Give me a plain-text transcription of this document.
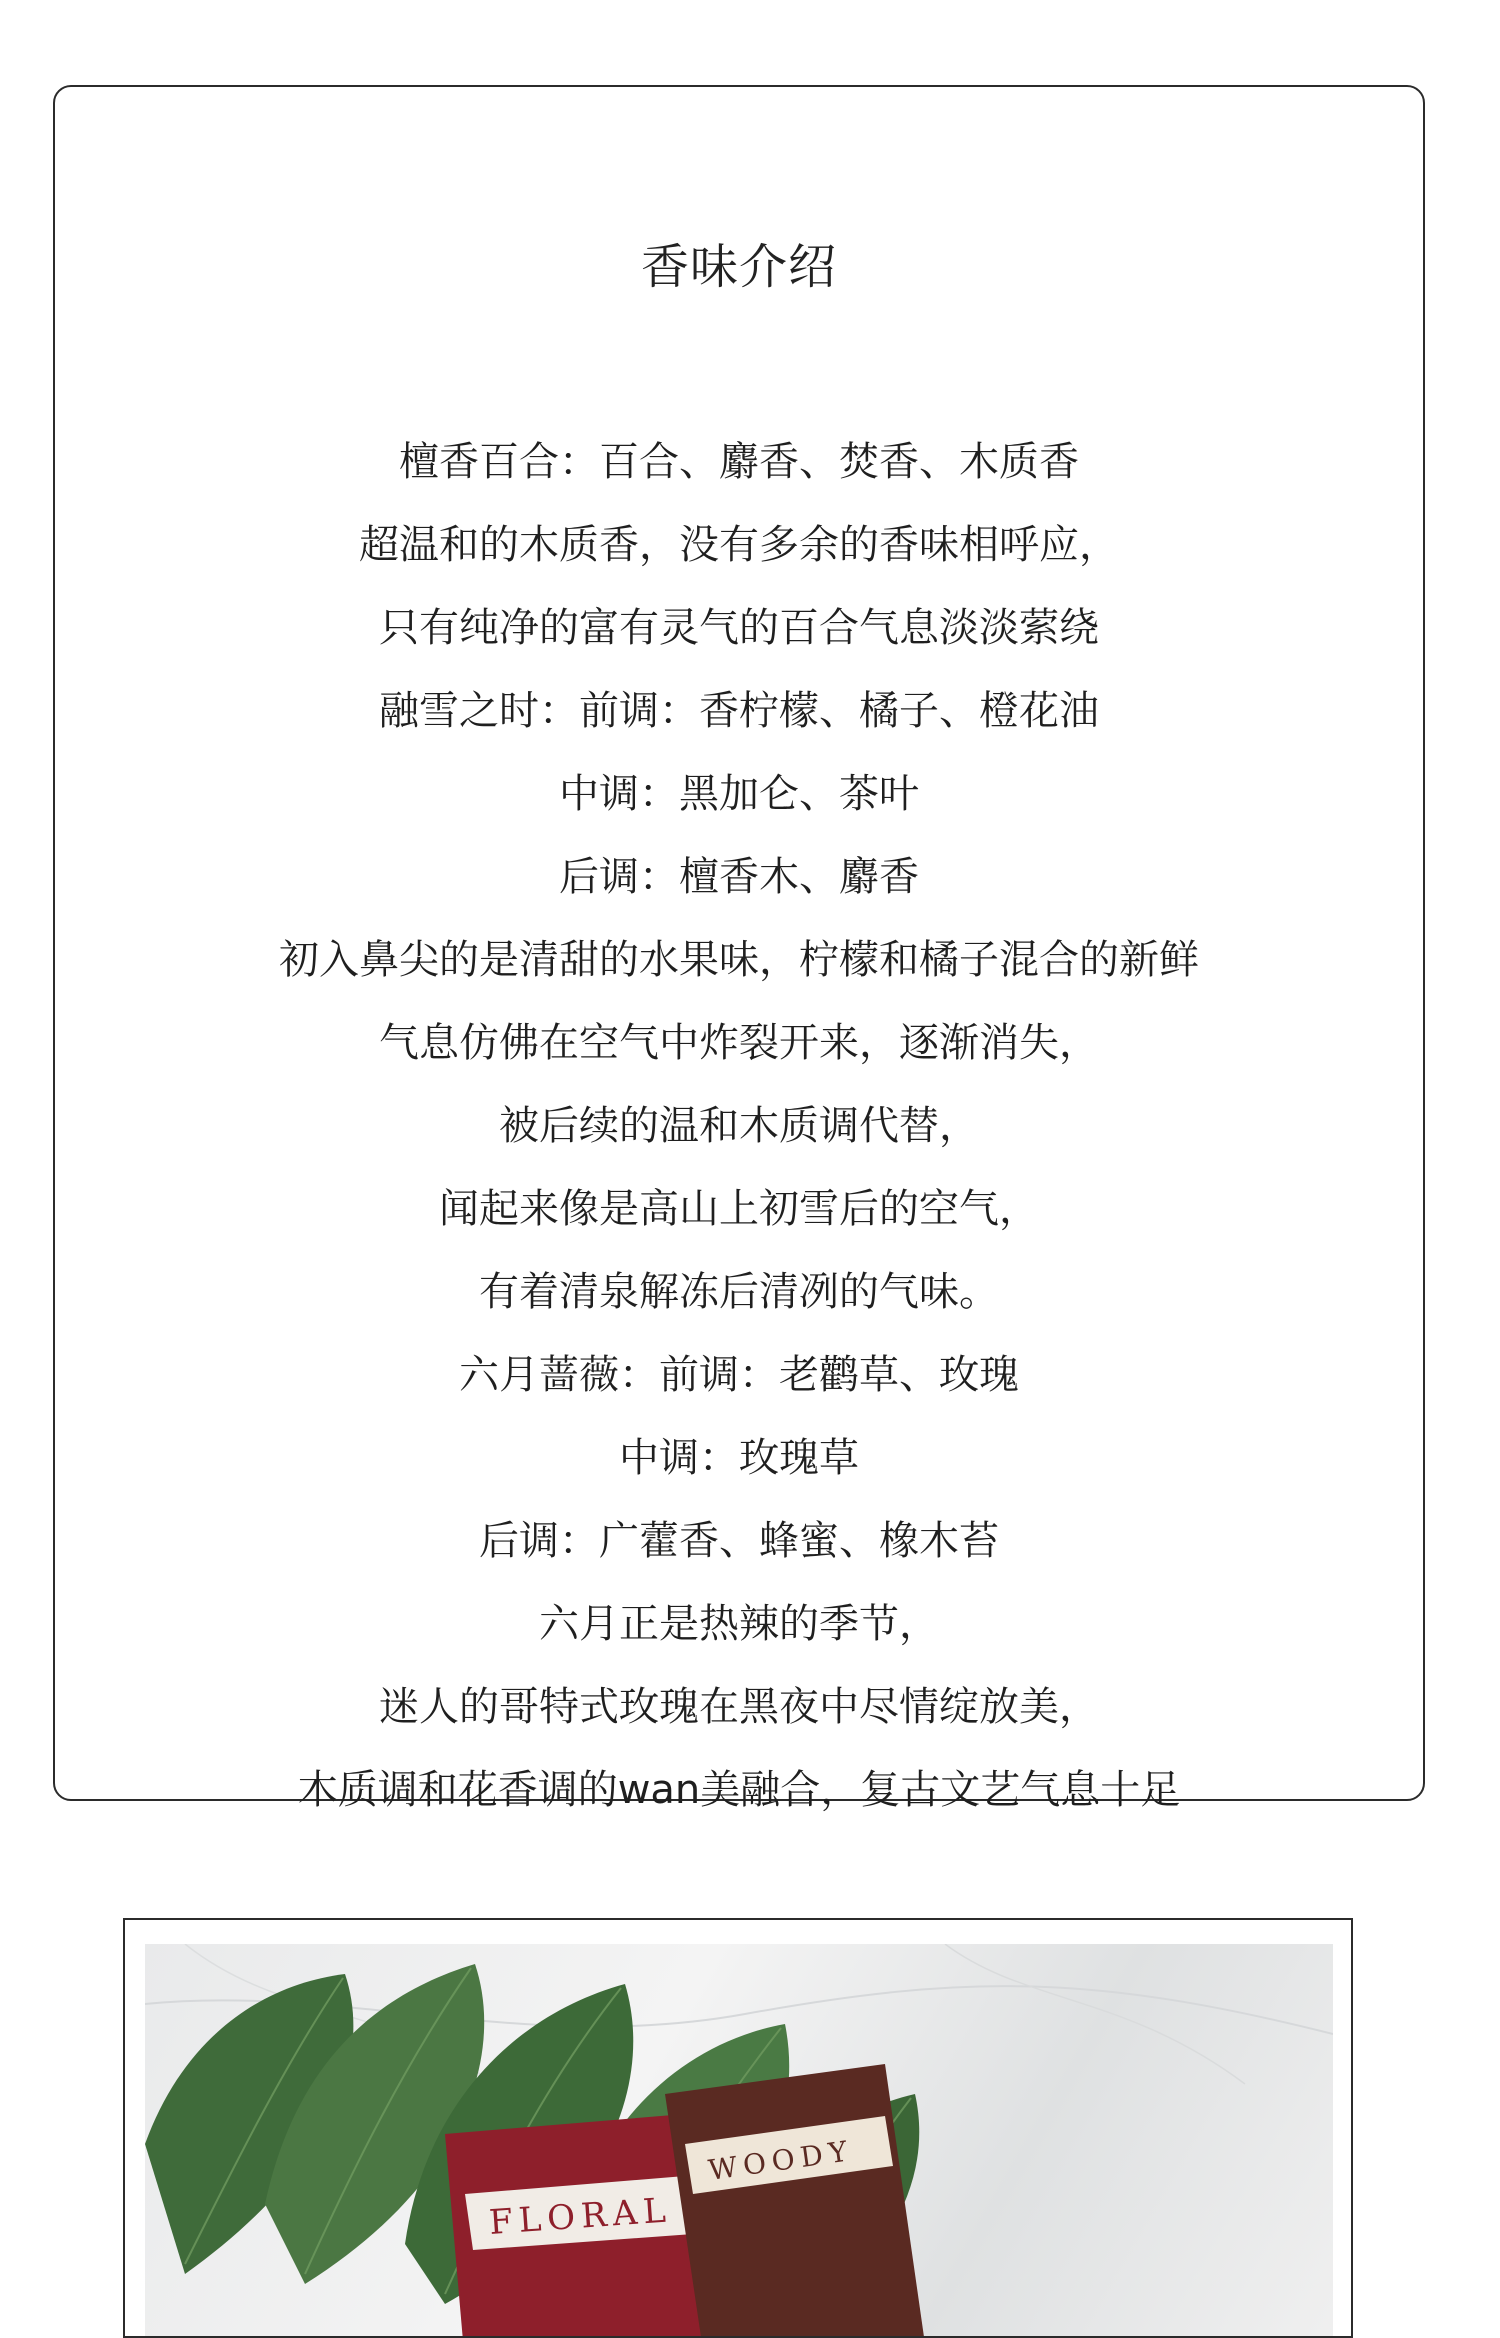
香味介绍
檀香百合：百合、麝香、焚香、木质香
超温和的木质香，没有多余的香味相呼应，
只有纯净的富有灵气的百合气息淡淡萦绕
融雪之时：前调：香柠檬、橘子、橙花油
中调：黑加仑、茶叶
后调：檀香木、麝香
初入鼻尖的是清甜的水果味，柠檬和橘子混合的新鲜
气息仿佛在空气中炸裂开来，逐渐消失，
被后续的温和木质调代替，
闻起来像是高山上初雪后的空气，
有着清泉解冻后清冽的气味。
六月蔷薇：前调：老鹳草、玫瑰
中调：玫瑰草
后调：广藿香、蜂蜜、橡木苔
六月正是热辣的季节，
迷人的哥特式玫瑰在黑夜中尽情绽放美，
木质调和花香调的wan美融合，复古文艺气息十足
FLORAL
WOODY
